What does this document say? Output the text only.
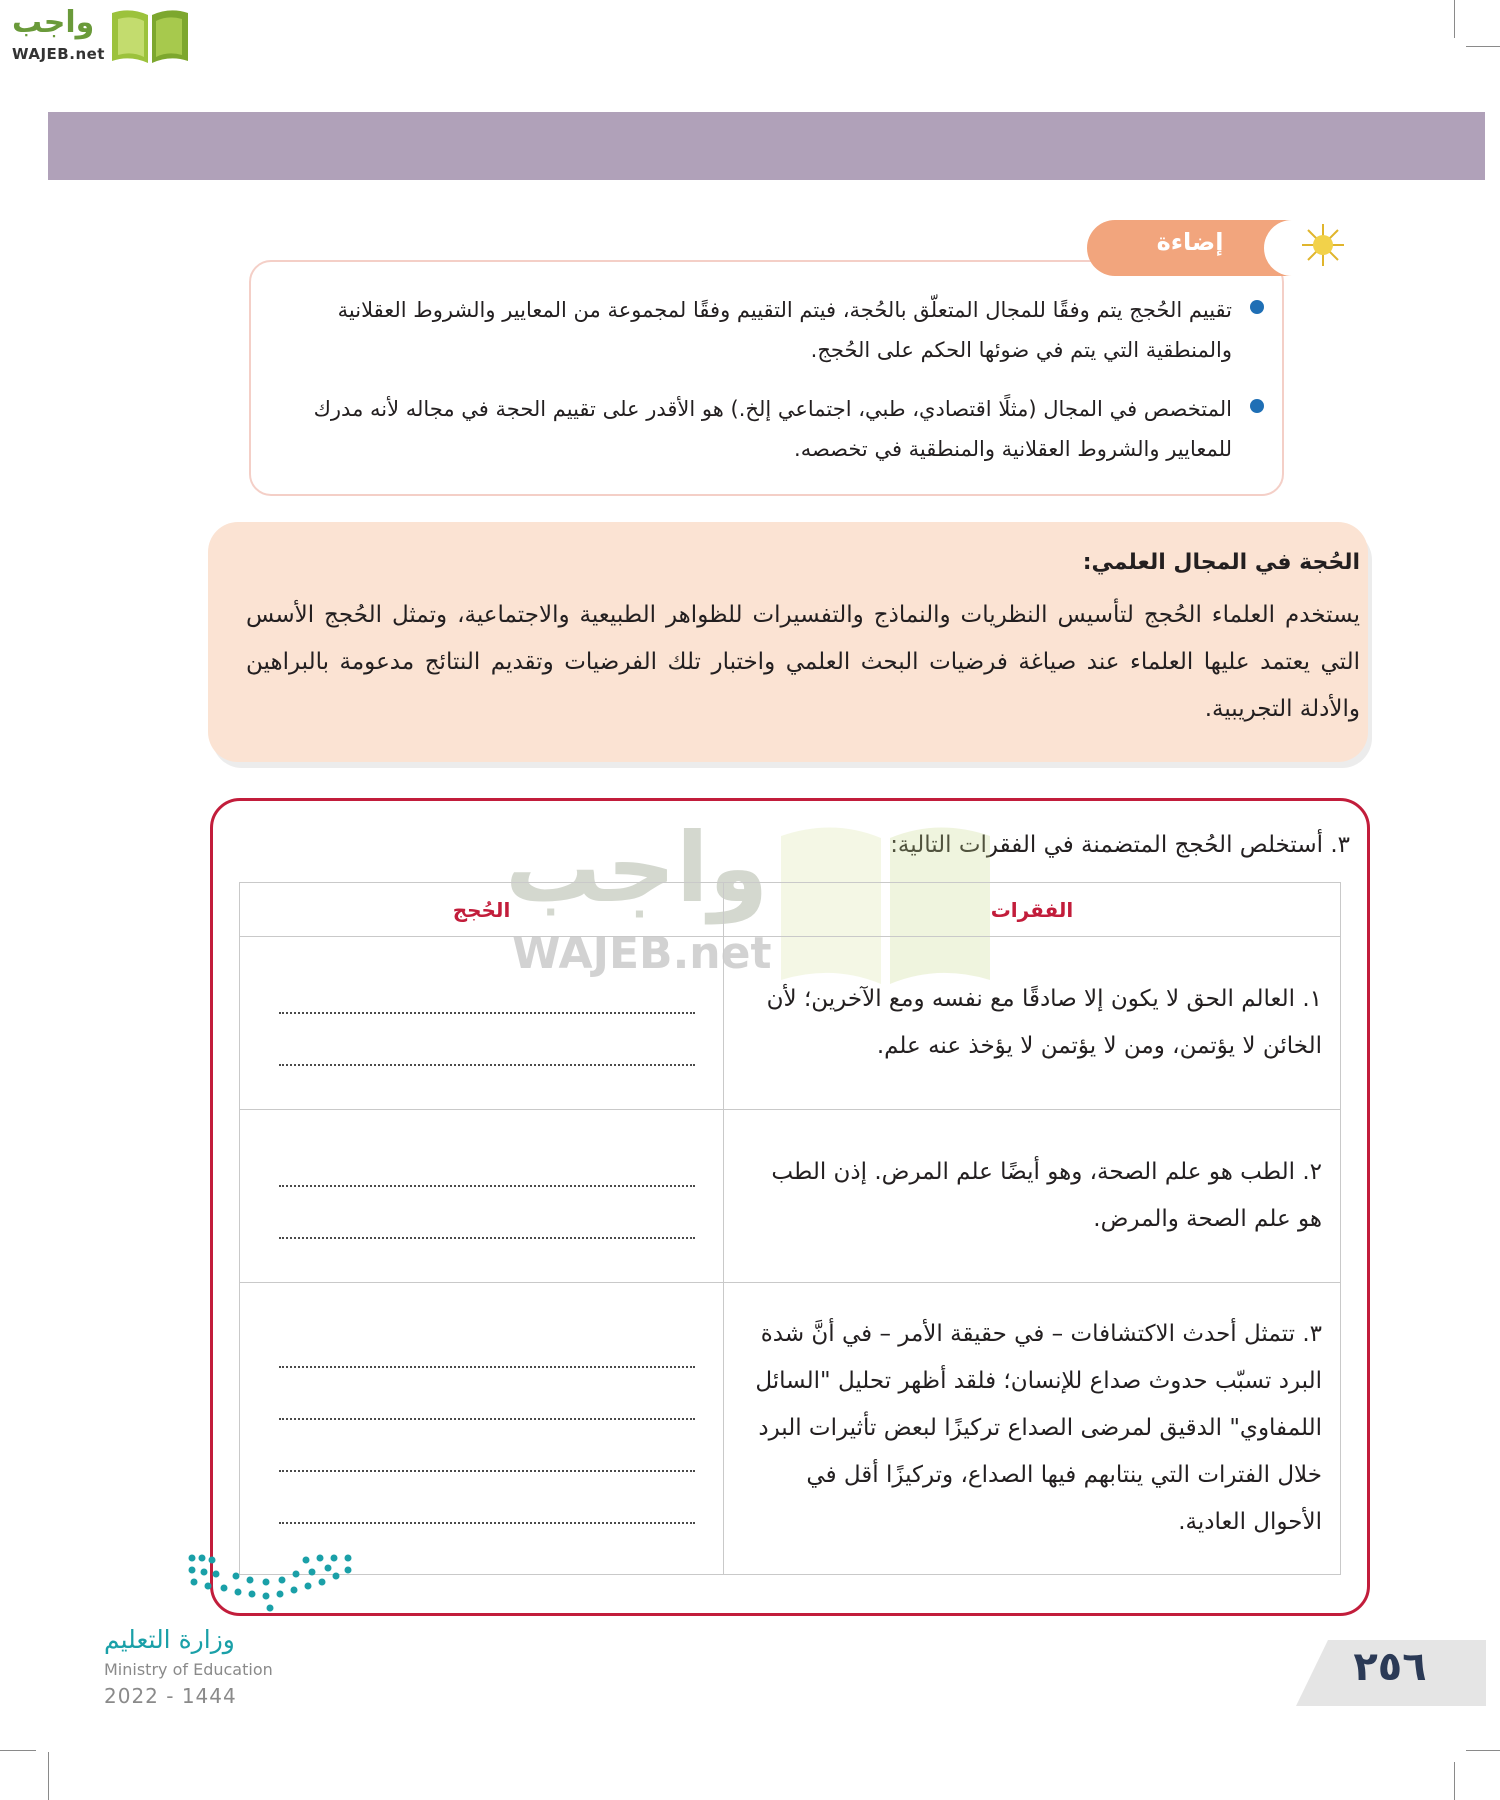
واجب
WAJEB.net
إضاءة
تقييم الحُجج يتم وفقًا للمجال المتعلّق بالحُجة، فيتم التقييم وفقًا لمجموعة من المعايير والشروط العقلانية والمنطقية التي يتم في ضوئها الحكم على الحُجج.
المتخصص في المجال (مثلًا اقتصادي، طبي، اجتماعي إلخ.) هو الأقدر على تقييم الحجة في مجاله لأنه مدرك للمعايير والشروط العقلانية والمنطقية في تخصصه.
الحُجة في المجال العلمي:
يستخدم العلماء الحُجج لتأسيس النظريات والنماذج والتفسيرات للظواهر الطبيعية والاجتماعية، وتمثل الحُجج الأسس التي يعتمد عليها العلماء عند صياغة فرضيات البحث العلمي واختبار تلك الفرضيات وتقديم النتائج مدعومة بالبراهين والأدلة التجريبية.
٣. أستخلص الحُجج المتضمنة في الفقرات التالية:
واجب
WAJEB.net
الفقرات	الحُجج
١. العالم الحق لا يكون إلا صادقًا مع نفسه ومع الآخرين؛ لأن الخائن لا يؤتمن، ومن لا يؤتمن لا يؤخذ عنه علم.	

٢. الطب هو علم الصحة، وهو أيضًا علم المرض. إذن الطب هو علم الصحة والمرض.	

٣. تتمثل أحدث الاكتشافات – في حقيقة الأمر – في أنَّ شدة البرد تسبّب حدوث صداع للإنسان؛ فلقد أظهر تحليل "السائل اللمفاوي" الدقيق لمرضى الصداع تركيزًا لبعض تأثيرات البرد خلال الفترات التي ينتابهم فيها الصداع، وتركيزًا أقل في الأحوال العادية.	
وزارة التعليم
Ministry of Education
2022 - 1444
٢٥٦
